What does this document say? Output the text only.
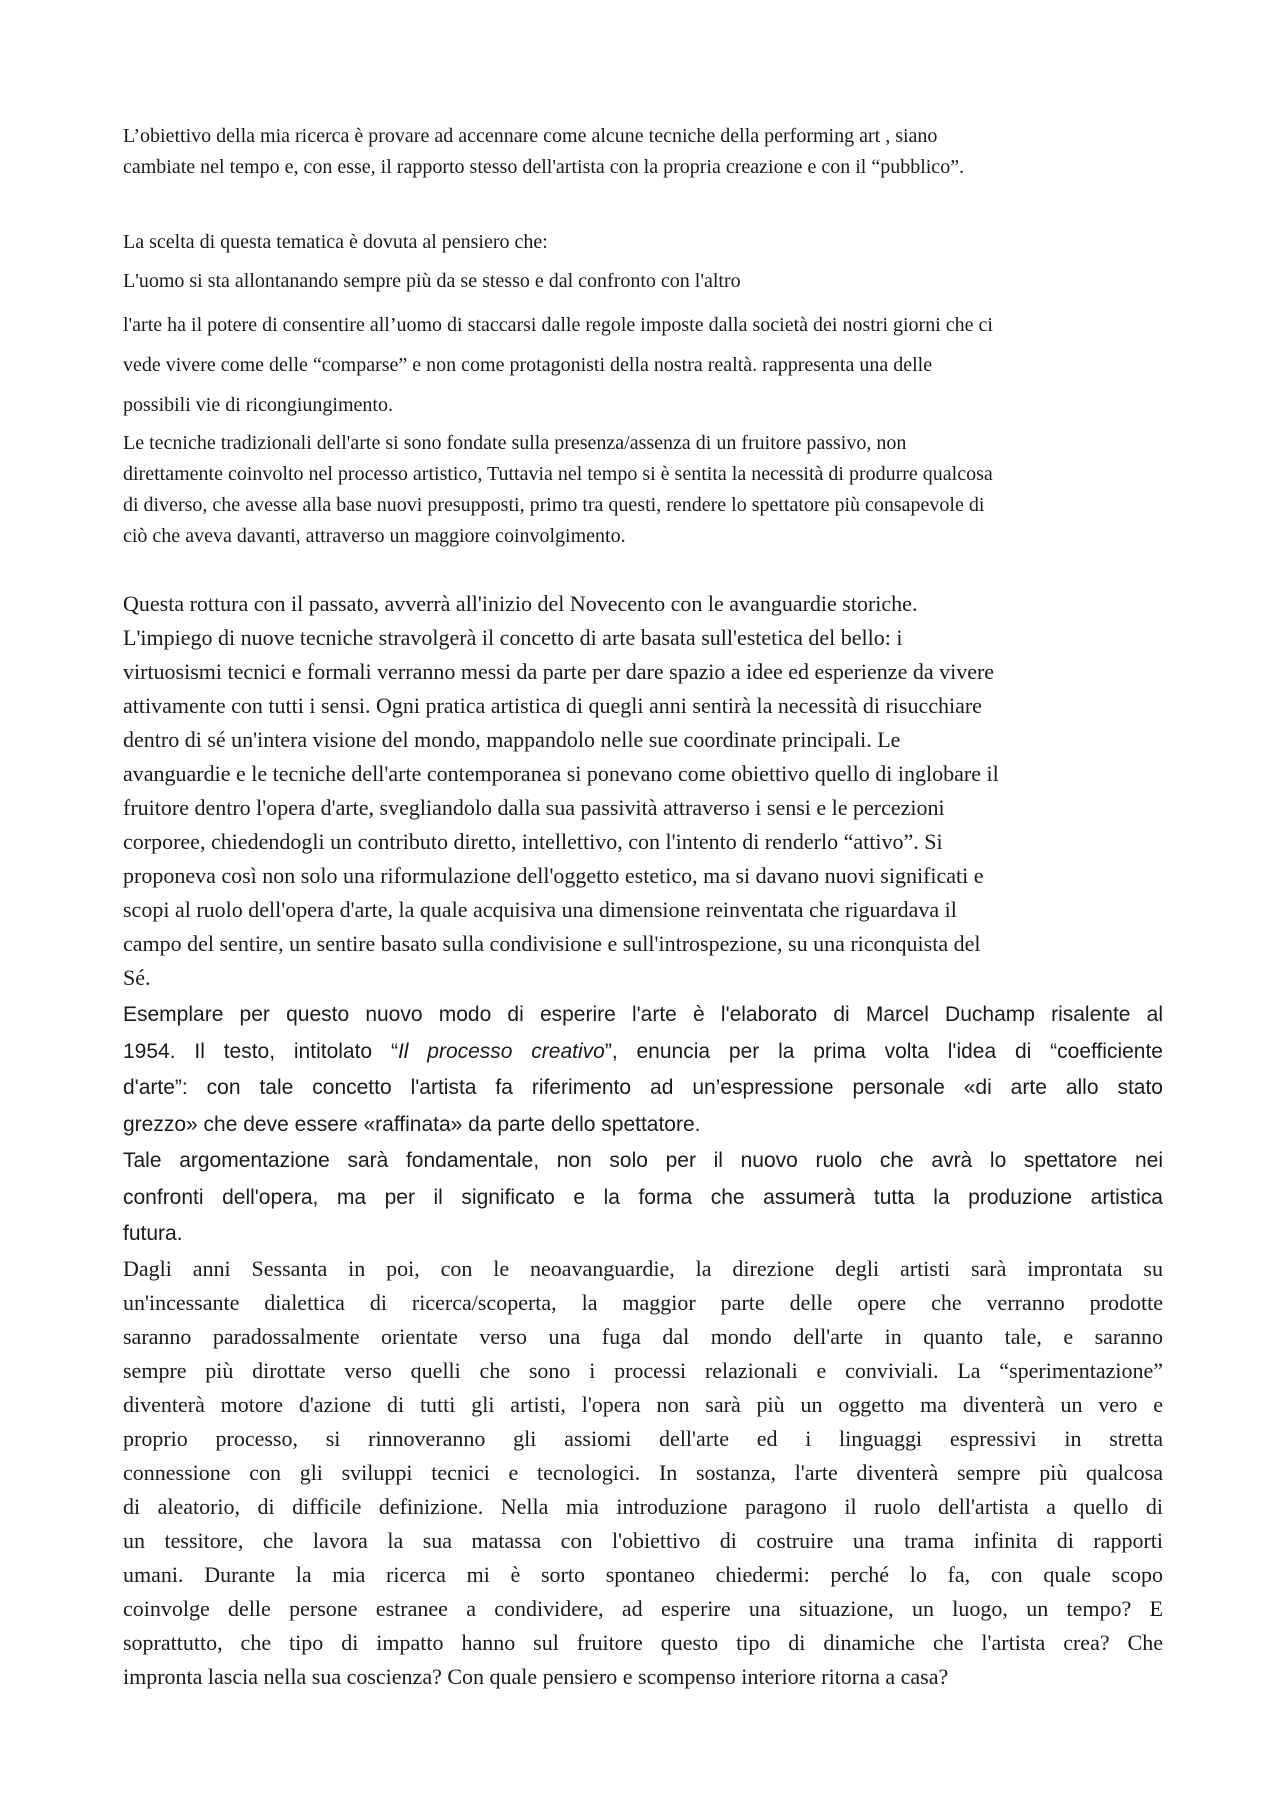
L’obiettivo della mia ricerca è provare ad accennare come alcune tecniche della performing art , siano
cambiate nel tempo e, con esse, il rapporto stesso dell'artista con la propria creazione e con il “pubblico”.
La scelta di questa tematica è dovuta al pensiero che:
L'uomo si sta allontanando sempre più da se stesso e dal confronto con l'altro
l'arte ha il potere di consentire all’uomo di staccarsi dalle regole imposte dalla società dei nostri giorni che ci
vede vivere come delle “comparse” e non come protagonisti della nostra realtà. rappresenta una delle
possibili vie di ricongiungimento.
Le tecniche tradizionali dell'arte si sono fondate sulla presenza/assenza di un fruitore passivo, non
direttamente coinvolto nel processo artistico, Tuttavia nel tempo si è sentita la necessità di produrre qualcosa
di diverso, che avesse alla base nuovi presupposti, primo tra questi, rendere lo spettatore più consapevole di
ciò che aveva davanti, attraverso un maggiore coinvolgimento.
Questa rottura con il passato, avverrà all'inizio del Novecento con le avanguardie storiche.
L'impiego di nuove tecniche stravolgerà il concetto di arte basata sull'estetica del bello: i
virtuosismi tecnici e formali verranno messi da parte per dare spazio a idee ed esperienze da vivere
attivamente con tutti i sensi. Ogni pratica artistica di quegli anni sentirà la necessità di risucchiare
dentro di sé un'intera visione del mondo, mappandolo nelle sue coordinate principali. Le
avanguardie e le tecniche dell'arte contemporanea si ponevano come obiettivo quello di inglobare il
fruitore dentro l'opera d'arte, svegliandolo dalla sua passività attraverso i sensi e le percezioni
corporee, chiedendogli un contributo diretto, intellettivo, con l'intento di renderlo “attivo”. Si
proponeva così non solo una riformulazione dell'oggetto estetico, ma si davano nuovi significati e
scopi al ruolo dell'opera d'arte, la quale acquisiva una dimensione reinventata che riguardava il
campo del sentire, un sentire basato sulla condivisione e sull'introspezione, su una riconquista del
Sé.
Esemplare per questo nuovo modo di esperire l'arte è l'elaborato di Marcel Duchamp risalente al
1954. Il testo, intitolato “Il processo creativo”, enuncia per la prima volta l'idea di “coefficiente
d'arte”: con tale concetto l'artista fa riferimento ad un’espressione personale «di arte allo stato
grezzo» che deve essere «raffinata» da parte dello spettatore.
Tale argomentazione sarà fondamentale, non solo per il nuovo ruolo che avrà lo spettatore nei
confronti dell'opera, ma per il significato e la forma che assumerà tutta la produzione artistica
futura.
Dagli anni Sessanta in poi, con le neoavanguardie, la direzione degli artisti sarà improntata su
un'incessante dialettica di ricerca/scoperta, la maggior parte delle opere che verranno prodotte
saranno paradossalmente orientate verso una fuga dal mondo dell'arte in quanto tale, e saranno
sempre più dirottate verso quelli che sono i processi relazionali e conviviali. La “sperimentazione”
diventerà motore d'azione di tutti gli artisti, l'opera non sarà più un oggetto ma diventerà un vero e
proprio processo, si rinnoveranno gli assiomi dell'arte ed i linguaggi espressivi in stretta
connessione con gli sviluppi tecnici e tecnologici. In sostanza, l'arte diventerà sempre più qualcosa
di aleatorio, di difficile definizione. Nella mia introduzione paragono il ruolo dell'artista a quello di
un tessitore, che lavora la sua matassa con l'obiettivo di costruire una trama infinita di rapporti
umani. Durante la mia ricerca mi è sorto spontaneo chiedermi: perché lo fa, con quale scopo
coinvolge delle persone estranee a condividere, ad esperire una situazione, un luogo, un tempo? E
soprattutto, che tipo di impatto hanno sul fruitore questo tipo di dinamiche che l'artista crea? Che
impronta lascia nella sua coscienza? Con quale pensiero e scompenso interiore ritorna a casa?
